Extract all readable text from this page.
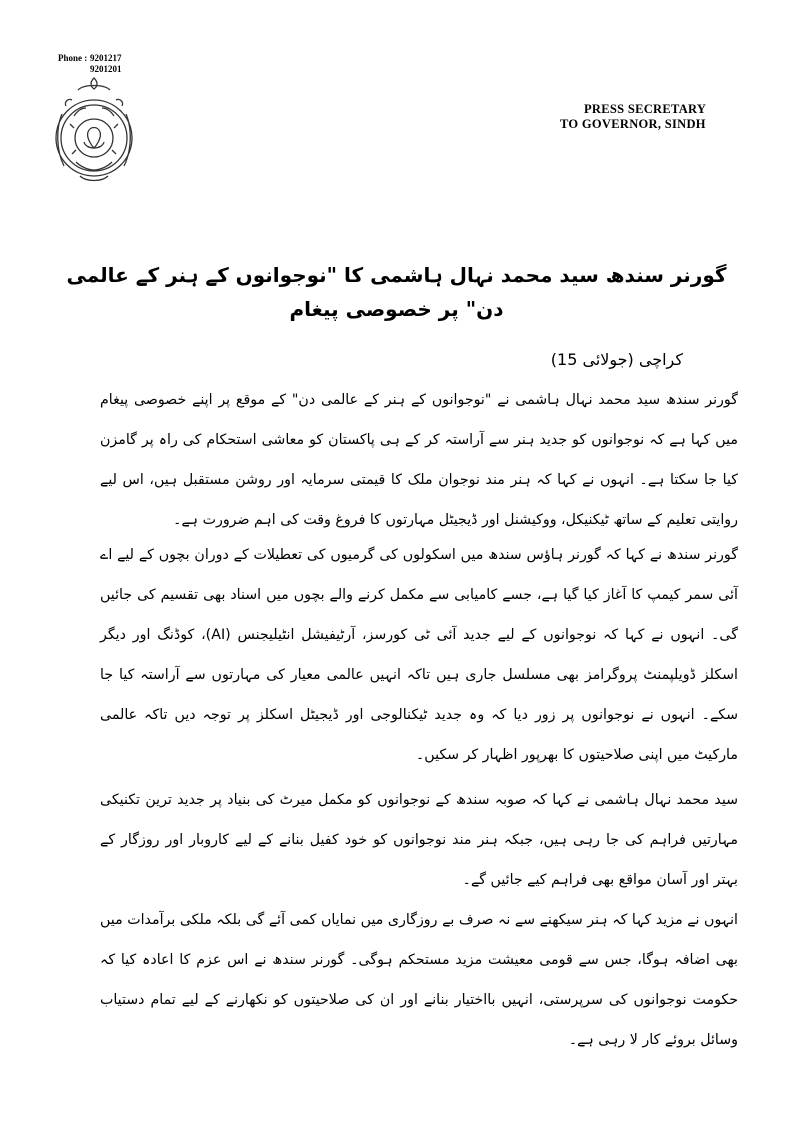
Phone : 9201217
9201201
PRESS SECRETARY
TO GOVERNOR, SINDH
گورنر سندھ سید محمد نہال ہاشمی کا "نوجوانوں کے ہنر کے عالمی دن" پر خصوصی پیغام
کراچی (جولائی 15)

گورنر سندھ سید محمد نہال ہاشمی نے "نوجوانوں کے ہنر کے عالمی دن" کے موقع پر اپنے خصوصی پیغام میں کہا ہے کہ نوجوانوں کو جدید ہنر سے آراستہ کر کے ہی پاکستان کو معاشی استحکام کی راہ پر گامزن کیا جا سکتا ہے۔ انہوں نے کہا کہ ہنر مند نوجوان ملک کا قیمتی سرمایہ اور روشن مستقبل ہیں، اس لیے روایتی تعلیم کے ساتھ ٹیکنیکل، ووکیشنل اور ڈیجیٹل مہارتوں کا فروغ وقت کی اہم ضرورت ہے۔

گورنر سندھ نے کہا کہ گورنر ہاؤس سندھ میں اسکولوں کی گرمیوں کی تعطیلات کے دوران بچوں کے لیے اے آئی سمر کیمپ کا آغاز کیا گیا ہے، جسے کامیابی سے مکمل کرنے والے بچوں میں اسناد بھی تقسیم کی جائیں گی۔ انہوں نے کہا کہ نوجوانوں کے لیے جدید آئی ٹی کورسز، آرٹیفیشل انٹیلیجنس (AI)، کوڈنگ اور دیگر اسکلز ڈویلپمنٹ پروگرامز بھی مسلسل جاری ہیں تاکہ انہیں عالمی معیار کی مہارتوں سے آراستہ کیا جا سکے۔ انہوں نے نوجوانوں پر زور دیا کہ وہ جدید ٹیکنالوجی اور ڈیجیٹل اسکلز پر توجہ دیں تاکہ عالمی مارکیٹ میں اپنی صلاحیتوں کا بھرپور اظہار کر سکیں۔

سید محمد نہال ہاشمی نے کہا کہ صوبہ سندھ کے نوجوانوں کو مکمل میرٹ کی بنیاد پر جدید ترین تکنیکی مہارتیں فراہم کی جا رہی ہیں، جبکہ ہنر مند نوجوانوں کو خود کفیل بنانے کے لیے کاروبار اور روزگار کے بہتر اور آسان مواقع بھی فراہم کیے جائیں گے۔

انہوں نے مزید کہا کہ ہنر سیکھنے سے نہ صرف بے روزگاری میں نمایاں کمی آئے گی بلکہ ملکی برآمدات میں بھی اضافہ ہوگا، جس سے قومی معیشت مزید مستحکم ہوگی۔ گورنر سندھ نے اس عزم کا اعادہ کیا کہ حکومت نوجوانوں کی سرپرستی، انہیں بااختیار بنانے اور ان کی صلاحیتوں کو نکھارنے کے لیے تمام دستیاب وسائل بروئے کار لا رہی ہے۔
